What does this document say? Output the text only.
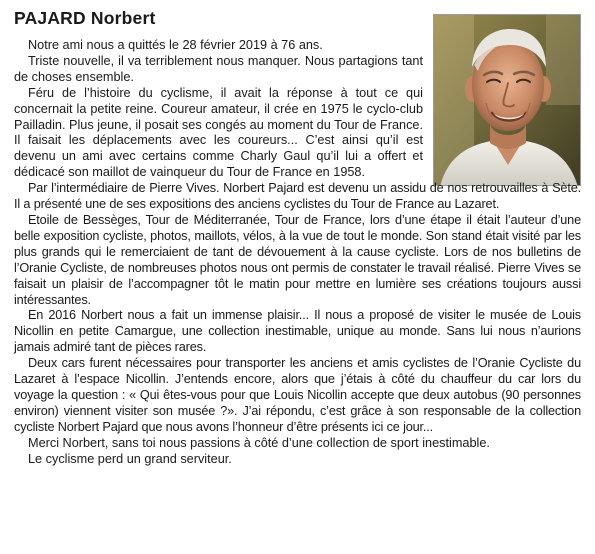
PAJARD Norbert

Notre ami nous a quittés le 28 février 2019 à 76 ans.

Triste nouvelle, il va terriblement nous manquer. Nous partagions tant de choses ensemble.

Féru de l’histoire du cyclisme, il avait la réponse à tout ce qui concernait la petite reine. Coureur amateur, il crée en 1975 le cyclo-club Pailladin. Plus jeune, il posait ses congés au moment du Tour de France. Il faisait les déplacements avec les coureurs... C’est ainsi qu’il est devenu un ami avec certains comme Charly Gaul qu’il lui a offert et dédicacé son maillot de vainqueur du Tour de France en 1958.

Par l’intermédiaire de Pierre Vives. Norbert Pajard est devenu un assidu de nos retrouvailles à Sète. Il a présenté une de ses expositions des anciens cyclistes du Tour de France au Lazaret.

Etoile de Bessèges, Tour de Méditerranée, Tour de France, lors d’une étape il était l’auteur d’une belle exposition cycliste, photos, maillots, vélos, à la vue de tout le monde. Son stand était visité par les plus grands qui le remerciaient de tant de dévouement à la cause cycliste. Lors de nos bulletins de l’Oranie Cycliste, de nombreuses photos nous ont permis de constater le travail réalisé. Pierre Vives se faisait un plaisir de l’accompagner tôt le matin pour mettre en lumière ses créations toujours aussi intéressantes.

En 2016 Norbert nous a fait un immense plaisir... Il nous a proposé de visiter le musée de Louis Nicollin en petite Camargue, une collection inestimable, unique au monde. Sans lui nous n’aurions jamais admiré tant de pièces rares.

Deux cars furent nécessaires pour transporter les anciens et amis cyclistes de l’Oranie Cycliste du Lazaret à l’espace Nicollin. J’entends encore, alors que j’étais à côté du chauffeur du car lors du voyage la question : « Qui êtes-vous pour que Louis Nicollin accepte que deux autobus (90 personnes environ) viennent visiter son musée ?». J’ai répondu, c’est grâce à son responsable de la collection cycliste Norbert Pajard que nous avons l’honneur d’être présents ici ce jour...

Merci Norbert, sans toi nous passions à côté d’une collection de sport inestimable.

Le cyclisme perd un grand serviteur.
